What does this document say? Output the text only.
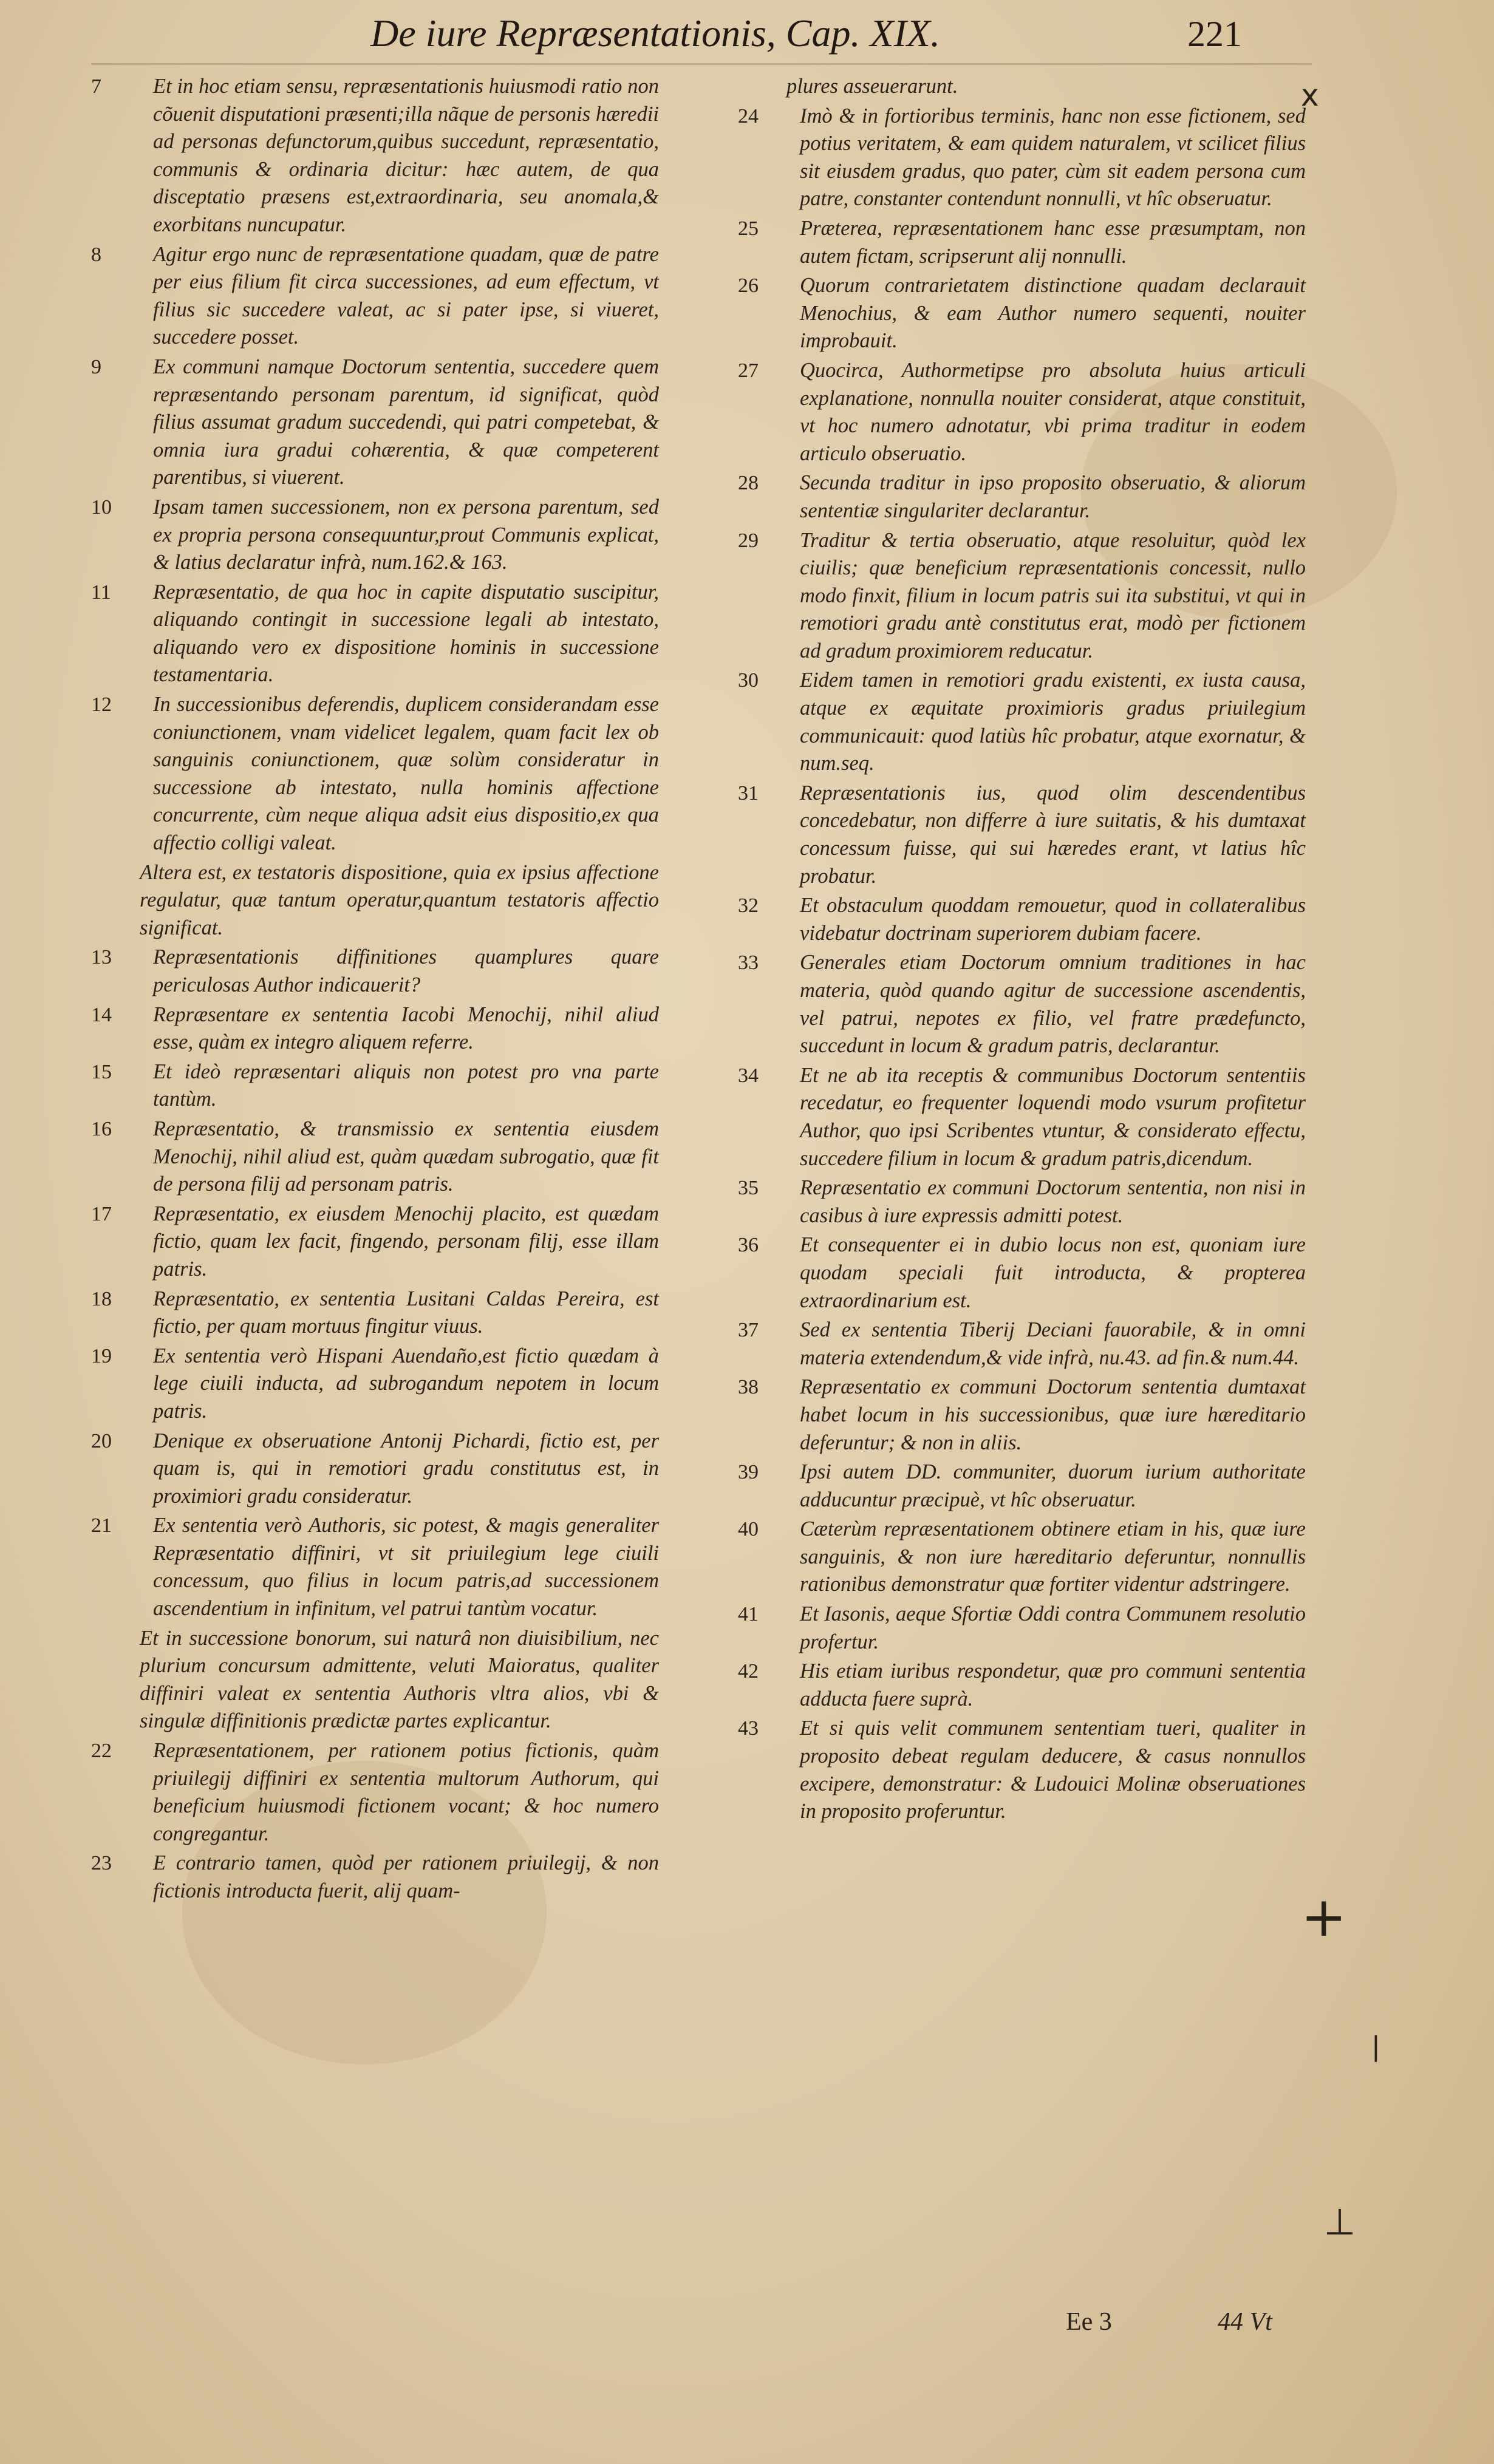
De iure Repræsentationis, Cap. XIX.	221
x
+
|
⊥
7	Et in hoc etiam sensu, repræsentationis huiusmodi ratio non cõuenit disputationi præsenti;illa nãque de personis hæredii ad personas defunctorum,quibus succedunt, repræsentatio, communis & ordinaria dicitur: hæc autem, de qua disceptatio præsens est,extraordinaria, seu anomala,& exorbitans nuncupatur.
8	Agitur ergo nunc de repræsentatione quadam, quæ de patre per eius filium fit circa successiones, ad eum effectum, vt filius sic succedere valeat, ac si pater ipse, si viueret, succedere posset.
9	Ex communi namque Doctorum sententia, succedere quem repræsentando personam parentum, id significat, quòd filius assumat gradum succedendi, qui patri competebat, & omnia iura gradui cohærentia, & quæ competerent parentibus, si viuerent.
10	Ipsam tamen successionem, non ex persona parentum, sed ex propria persona consequuntur,prout Communis explicat, & latius declaratur infrà, num.162.& 163.
11	Repræsentatio, de qua hoc in capite disputatio suscipitur, aliquando contingit in successione legali ab intestato, aliquando vero ex dispositione hominis in successione testamentaria.
12	In successionibus deferendis, duplicem considerandam esse coniunctionem, vnam videlicet legalem, quam facit lex ob sanguinis coniunctionem, quæ solùm consideratur in successione ab intestato, nulla hominis affectione concurrente, cùm neque aliqua adsit eius dispositio,ex qua affectio colligi valeat.
Altera est, ex testatoris dispositione, quia ex ipsius affectione regulatur, quæ tantum operatur,quantum testatoris affectio significat.
13	Repræsentationis diffinitiones quamplures quare periculosas Author indicauerit?
14	Repræsentare ex sententia Iacobi Menochij, nihil aliud esse, quàm ex integro aliquem referre.
15	Et ideò repræsentari aliquis non potest pro vna parte tantùm.
16	Repræsentatio, & transmissio ex sententia eiusdem Menochij, nihil aliud est, quàm quædam subrogatio, quæ fit de persona filij ad personam patris.
17	Repræsentatio, ex eiusdem Menochij placito, est quædam fictio, quam lex facit, fingendo, personam filij, esse illam patris.
18	Repræsentatio, ex sententia Lusitani Caldas Pereira, est fictio, per quam mortuus fingitur viuus.
19	Ex sententia verò Hispani Auendaño,est fictio quædam à lege ciuili inducta, ad subrogandum nepotem in locum patris.
20	Denique ex obseruatione Antonij Pichardi, fictio est, per quam is, qui in remotiori gradu constitutus est, in proximiori gradu consideratur.
21	Ex sententia verò Authoris, sic potest, & magis generaliter Repræsentatio diffiniri, vt sit priuilegium lege ciuili concessum, quo filius in locum patris,ad successionem ascendentium in infinitum, vel patrui tantùm vocatur.
Et in successione bonorum, sui naturâ non diuisibilium, nec plurium concursum admittente, veluti Maioratus, qualiter diffiniri valeat ex sententia Authoris vltra alios, vbi & singulæ diffinitionis prædictæ partes explicantur.
22	Repræsentationem, per rationem potius fictionis, quàm priuilegij diffiniri ex sententia multorum Authorum, qui beneficium huiusmodi fictionem vocant; & hoc numero congregantur.
23	E contrario tamen, quòd per rationem priuilegij, & non fictionis introducta fuerit, alij quam-
plures asseuerarunt.
24	Imò & in fortioribus terminis, hanc non esse fictionem, sed potius veritatem, & eam quidem naturalem, vt scilicet filius sit eiusdem gradus, quo pater, cùm sit eadem persona cum patre, constanter contendunt nonnulli, vt hîc obseruatur.
25	Præterea, repræsentationem hanc esse præsumptam, non autem fictam, scripserunt alij nonnulli.
26	Quorum contrarietatem distinctione quadam declarauit Menochius, & eam Author numero sequenti, nouiter improbauit.
27	Quocirca, Authormetipse pro absoluta huius articuli explanatione, nonnulla nouiter considerat, atque constituit, vt hoc numero adnotatur, vbi prima traditur in eodem articulo obseruatio.
28	Secunda traditur in ipso proposito obseruatio, & aliorum sententiæ singulariter declarantur.
29	Traditur & tertia obseruatio, atque resoluitur, quòd lex ciuilis; quæ beneficium repræsentationis concessit, nullo modo finxit, filium in locum patris sui ita substitui, vt qui in remotiori gradu antè constitutus erat, modò per fictionem ad gradum proximiorem reducatur.
30	Eidem tamen in remotiori gradu existenti, ex iusta causa, atque ex æquitate proximioris gradus priuilegium communicauit: quod latiùs hîc probatur, atque exornatur, & num.seq.
31	Repræsentationis ius, quod olim descendentibus concedebatur, non differre à iure suitatis, & his dumtaxat concessum fuisse, qui sui hæredes erant, vt latius hîc probatur.
32	Et obstaculum quoddam remouetur, quod in collateralibus videbatur doctrinam superiorem dubiam facere.
33	Generales etiam Doctorum omnium traditiones in hac materia, quòd quando agitur de successione ascendentis, vel patrui, nepotes ex filio, vel fratre prædefuncto, succedunt in locum & gradum patris, declarantur.
34	Et ne ab ita receptis & communibus Doctorum sententiis recedatur, eo frequenter loquendi modo vsurum profitetur Author, quo ipsi Scribentes vtuntur, & considerato effectu, succedere filium in locum & gradum patris,dicendum.
35	Repræsentatio ex communi Doctorum sententia, non nisi in casibus à iure expressis admitti potest.
36	Et consequenter ei in dubio locus non est, quoniam iure quodam speciali fuit introducta, & propterea extraordinarium est.
37	Sed ex sententia Tiberij Deciani fauorabile, & in omni materia extendendum,& vide infrà, nu.43. ad fin.& num.44.
38	Repræsentatio ex communi Doctorum sententia dumtaxat habet locum in his successionibus, quæ iure hæreditario deferuntur; & non in aliis.
39	Ipsi autem DD. communiter, duorum iurium authoritate adducuntur præcipuè, vt hîc obseruatur.
40	Cæterùm repræsentationem obtinere etiam in his, quæ iure sanguinis, & non iure hæreditario deferuntur, nonnullis rationibus demonstratur quæ fortiter videntur adstringere.
41	Et Iasonis, aeque Sfortiæ Oddi contra Communem resolutio profertur.
42	His etiam iuribus respondetur, quæ pro communi sententia adducta fuere suprà.
43	Et si quis velit communem sententiam tueri, qualiter in proposito debeat regulam deducere, & casus nonnullos excipere, demonstratur: & Ludouici Molinæ obseruationes in proposito proferuntur.
Ee 3	44 Vt
